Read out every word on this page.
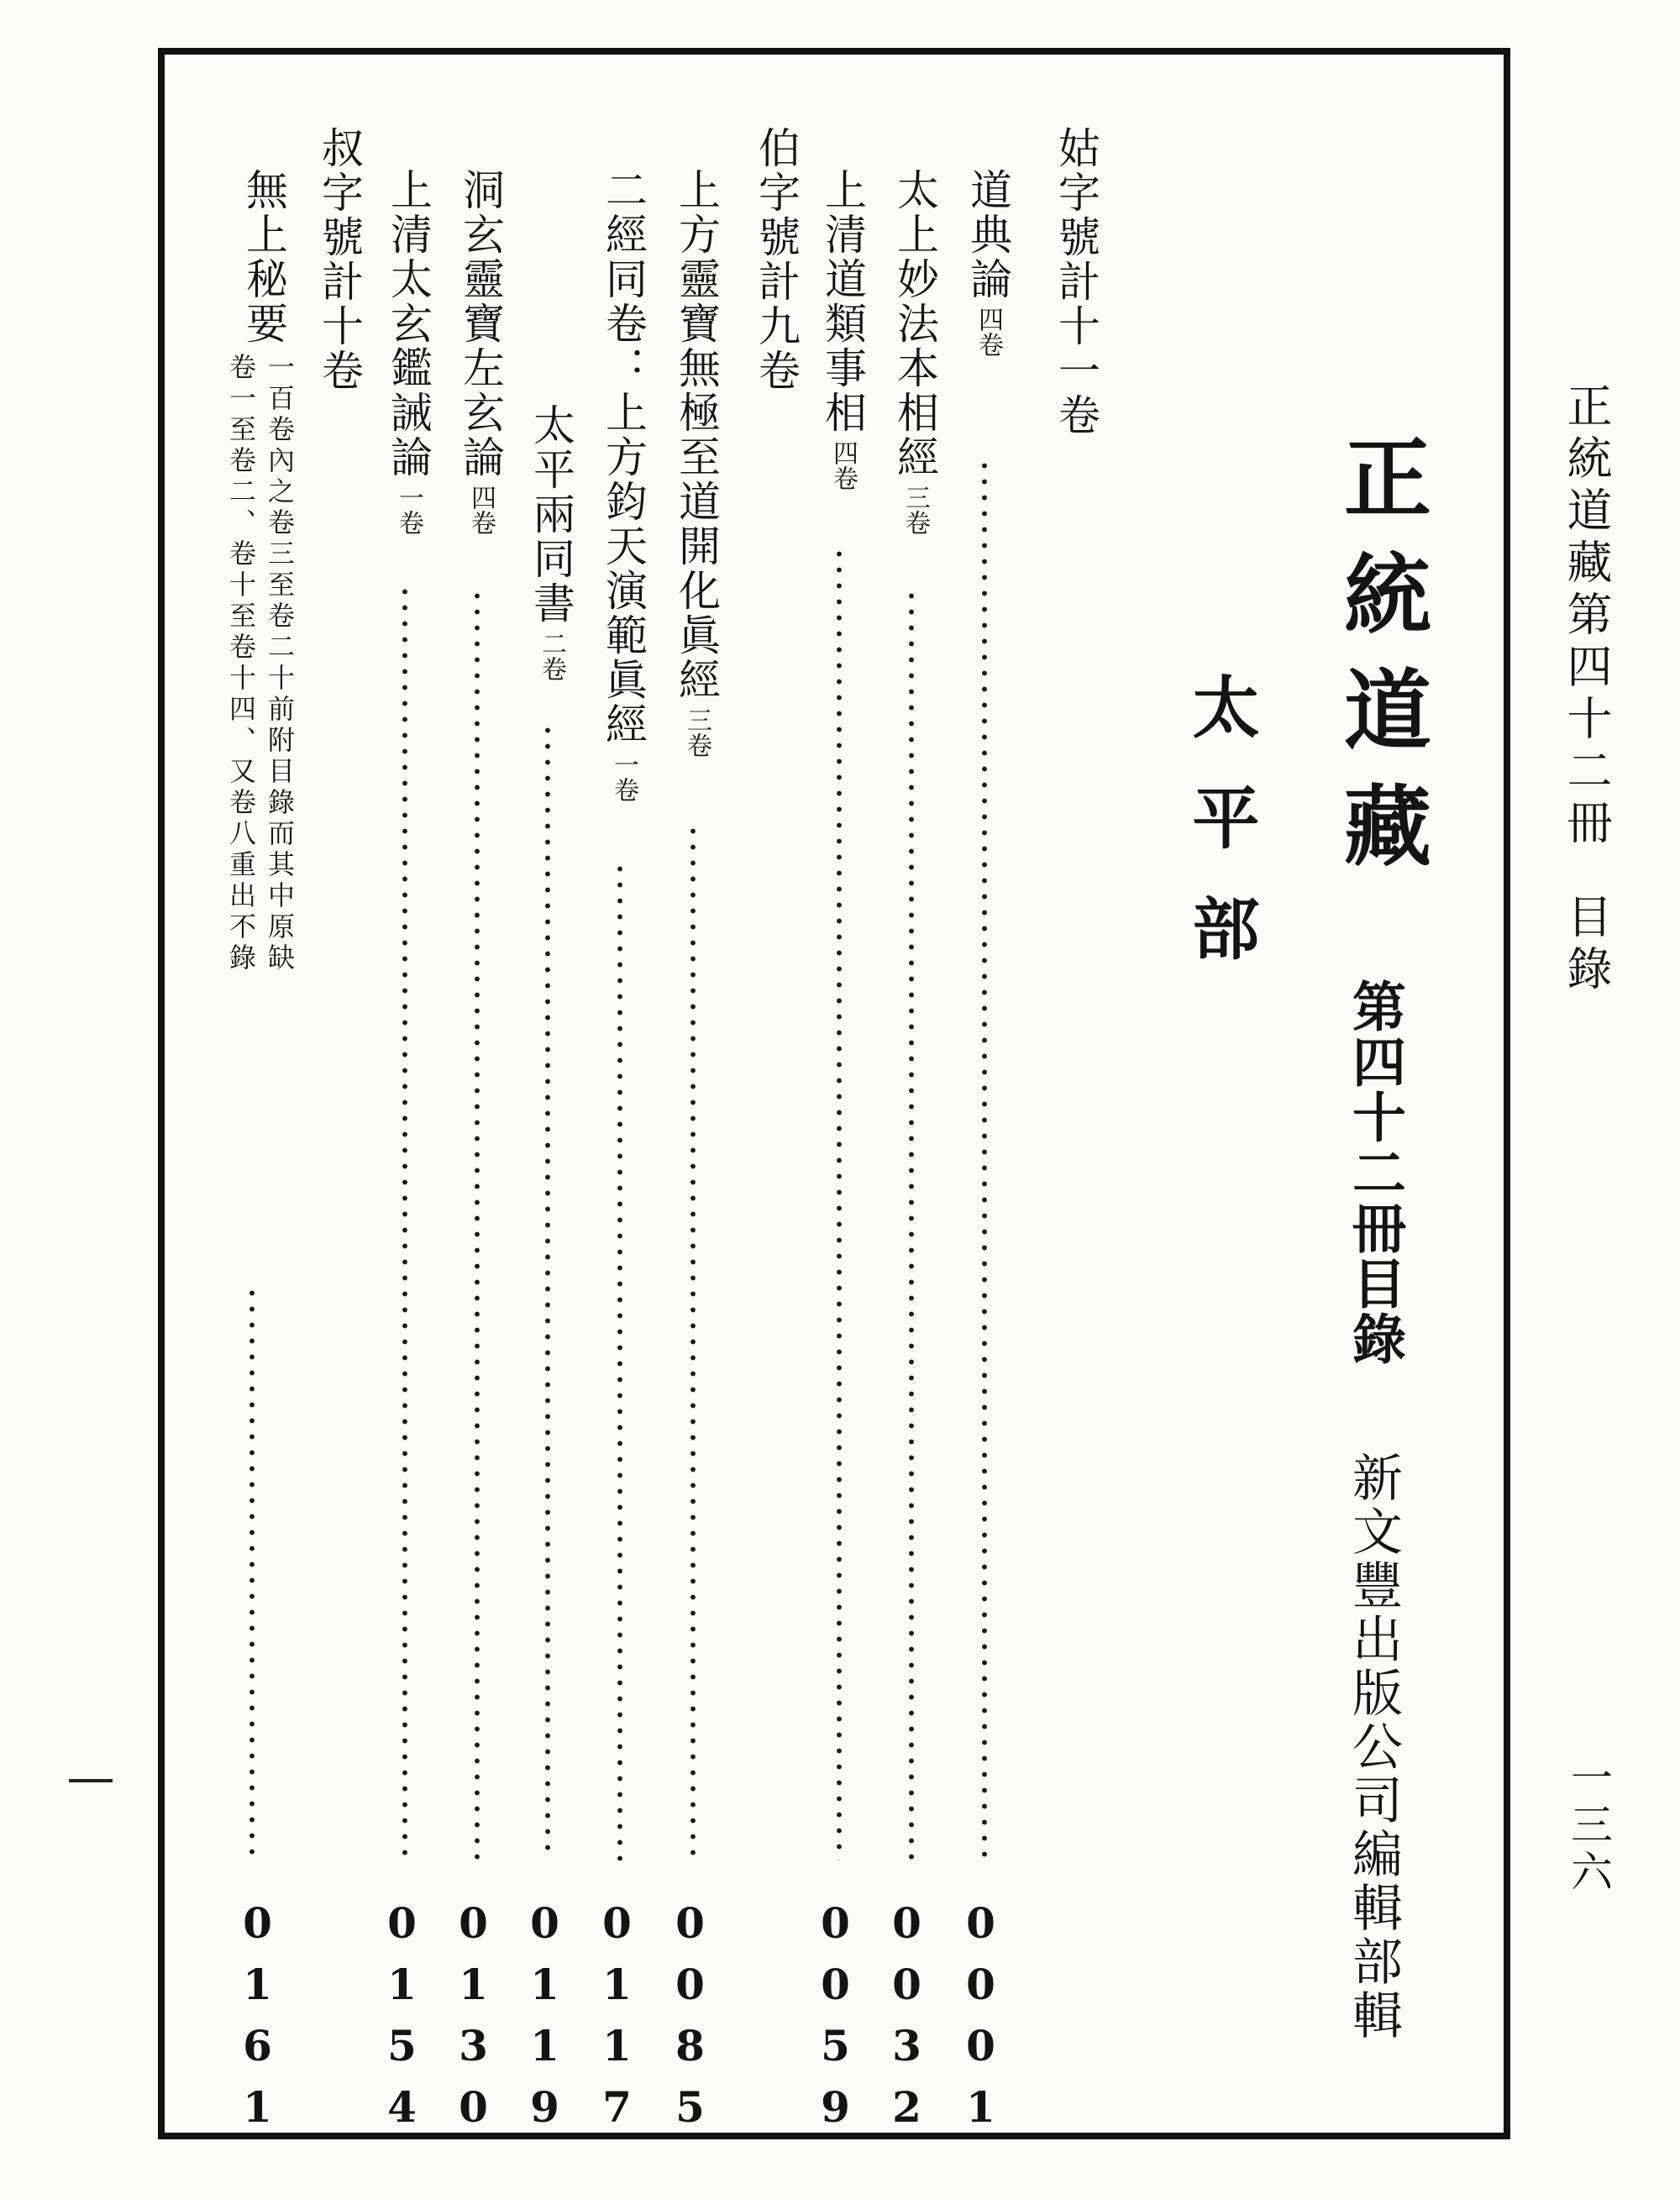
正統道藏第四十二冊目錄
一三六
正統道藏
第四十二冊目錄
新文豐出版公司編輯部輯
太平部
姑字號計十一卷
道典論四卷
0001
太上妙法本相經三卷
0032
上清道類事相四卷
0059
伯字號計九卷
上方靈寶無極至道開化眞經三卷
0085
二經同卷：上方鈞天演範眞經一卷
0117
太平兩同書二卷
0119
洞玄靈寶左玄論四卷
0130
上清太玄鑑誡論一卷
0154
叔字號計十卷
無上秘要
一百卷內之卷三至卷二十前附目錄而其中原缺
卷一至卷二、卷十至卷十四、又卷八重出不錄
0161
